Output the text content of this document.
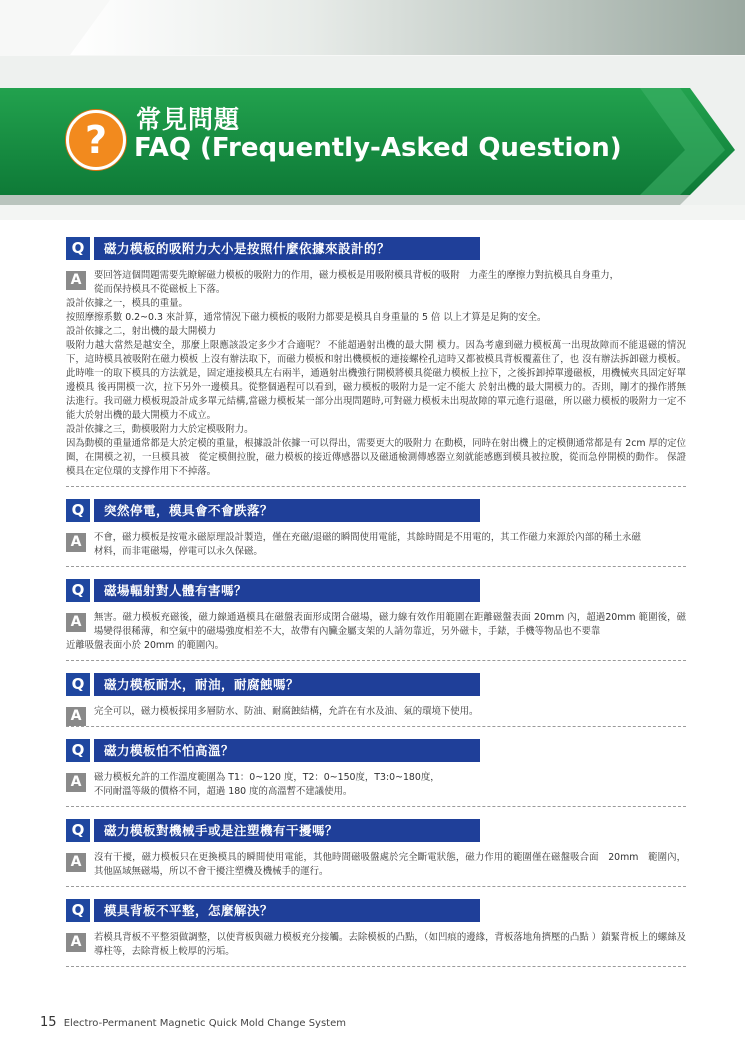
?	常見問題
FAQ (Frequently-Asked Question)
Q	磁力模板的吸附力大小是按照什麼依據來設計的？
A	要回答這個問題需要先瞭解磁力模板的吸附力的作用，磁力模板是用吸附模具背板的吸附　力產生的摩擦力對抗模具自身重力，

從而保持模具不從磁板上下落。

設計依據之一，模具的重量。

按照摩擦系數 0.2~0.3 來計算，通常情況下磁力模板的吸附力都要是模具自身重量的 5 倍 以上才算是足夠的安全。

設計依據之二，射出機的最大開模力

吸附力越大當然是越安全，那麼上限應該設定多少才合適呢？ 不能超過射出機的最大開 模力。因為考慮到磁力模板萬一出現故障而不能退磁的情況下，這時模具被吸附在磁力模板 上沒有辦法取下，而磁力模板和射出機模板的連接螺栓孔這時又都被模具背板覆蓋住了，也 沒有辦法拆卸磁力模板。此時唯一的取下模具的方法就是，固定連接模具左右兩半，通過射出機強行開模將模具從磁力模板上拉下，之後拆卸掉單邊磁板，用機械夾具固定好單邊模具 後再開模一次，拉下另外一邊模具。從整個過程可以看到，磁力模板的吸附力是一定不能大 於射出機的最大開模力的。否則，剛才的操作將無法進行。我司磁力模板現設計成多單元結構,當磁力模板某一部分出現問題時,可對磁力模板未出現故障的單元進行退磁，所以磁力模板的吸附力一定不能大於射出機的最大開模力不成立。

設計依據之三，動模吸附力大於定模吸附力。

因為動模的重量通常都是大於定模的重量，根據設計依據一可以得出，需要更大的吸附力 在動模，同時在射出機上的定模側通常都是有 2cm 厚的定位圈，在開模之初，一旦模具被　從定模側拉脫，磁力模板的接近傳感器以及磁通檢測傳感器立刻就能感應到模具被拉脫，從而急停開模的動作。 保證模具在定位環的支撐作用下不掉落。

Q	突然停電，模具會不會跌落？
A	不會，磁力模板是按電永磁原理設計製造，僅在充磁/退磁的瞬間使用電能，其餘時間是不用電的，其工作磁力來源於內部的稀土永磁

材料，而非電磁場，停電可以永久保磁。

Q	磁場輻射對人體有害嗎？
A	無害。磁力模板充磁後，磁力線通過模具在磁盤表面形成閉合磁場，磁力線有效作用範圍在距離磁盤表面 20mm 內，超過20mm 範圍後，磁場變得很稀薄，和空氣中的磁場強度相差不大，故帶有內臟金屬支架的人請勿靠近，另外磁卡，手錶，手機等物品也不要靠

近離吸盤表面小於 20mm 的範圍內。

Q	磁力模板耐水，耐油，耐腐蝕嗎？
A	完全可以，磁力模板採用多層防水、防油、耐腐蝕結構，允許在有水及油、氣的環境下使用。

Q	磁力模板怕不怕高溫？
A	磁力模板允許的工作溫度範圍為 T1：0~120 度，T2：0~150度，T3:0~180度，

不同耐溫等級的價格不同，超過 180 度的高溫暫不建議使用。

Q	磁力模板對機械手或是注塑機有干擾嗎？
A	沒有干擾，磁力模板只在更換模具的瞬間使用電能，其他時間磁吸盤處於完全斷電狀態，磁力作用的範圍僅在磁盤吸合面　20mm　範圍內，其他區域無磁場，所以不會干擾注塑機及機械手的運行。

Q	模具背板不平整，怎麼解決？
A	若模具背板不平整須做調整，以使背板與磁力模板充分接觸。去除模板的凸點，（如凹痕的邊緣，背板落地角擠壓的凸點 ）鎖緊背板上的螺絲及導柱等，去除背板上較厚的污垢。

15 Electro-Permanent Magnetic Quick Mold Change System
